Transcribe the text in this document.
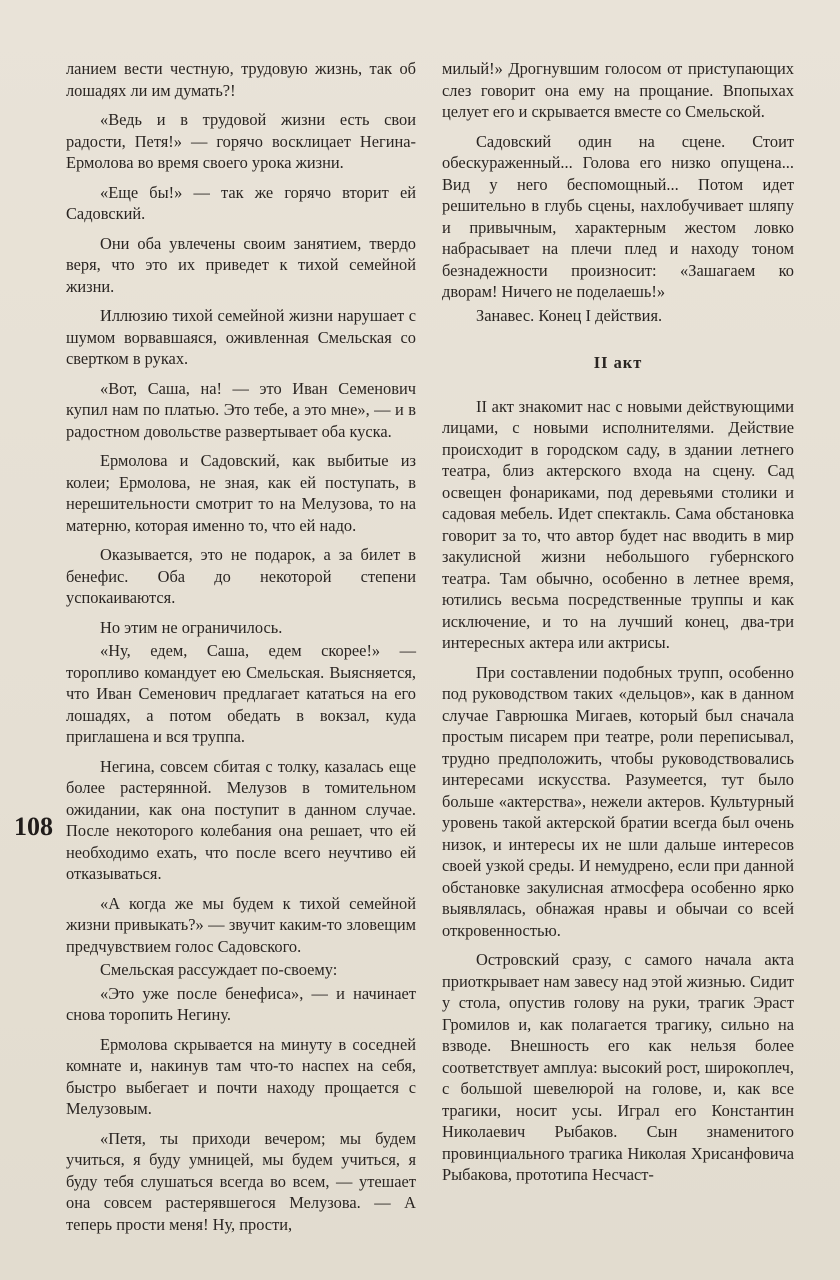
ланием вести честную, трудовую жизнь, так об лошадях ли им думать?!

«Ведь и в трудовой жизни есть свои радости, Петя!» — горячо восклицает Негина-Ермолова во время своего урока жизни.

«Еще бы!» — так же горячо вторит ей Садовский.

Они оба увлечены своим занятием, твердо веря, что это их приведет к тихой семейной жизни.

Иллюзию тихой семейной жизни нарушает с шумом ворвавшаяся, оживленная Смельская со свертком в руках.

«Вот, Саша, на! — это Иван Семенович купил нам по платью. Это тебе, а это мне», — и в радостном довольстве развертывает оба куска.

Ермолова и Садовский, как выбитые из колеи; Ермолова, не зная, как ей поступать, в нерешительности смотрит то на Мелузова, то на матерню, которая именно то, что ей надо.

Оказывается, это не подарок, а за билет в бенефис. Оба до некоторой степени успокаиваются.

Но этим не ограничилось.

«Ну, едем, Саша, едем скорее!» — торопливо командует ею Смельская. Выясняется, что Иван Семенович предлагает кататься на его лошадях, а потом обедать в вокзал, куда приглашена и вся труппа.

Негина, совсем сбитая с толку, казалась еще более растерянной. Мелузов в томительном ожидании, как она поступит в данном случае. После некоторого колебания она решает, что ей необходимо ехать, что после всего неучтиво ей отказываться.

«А когда же мы будем к тихой семейной жизни привыкать?» — звучит каким-то зловещим предчувствием голос Садовского.

Смельская рассуждает по-своему:

«Это уже после бенефиса», — и начинает снова торопить Негину.

Ермолова скрывается на минуту в соседней комнате и, накинув там что-то наспех на себя, быстро выбегает и почти находу прощается с Мелузовым.

«Петя, ты приходи вечером; мы будем учиться, я буду умницей, мы будем учиться, я буду тебя слушаться всегда во всем, — утешает она совсем растерявшегося Мелузова. — А теперь прости меня! Ну, прости,

108

милый!» Дрогнувшим голосом от приступающих слез говорит она ему на прощание. Впопыхах целует его и скрывается вместе со Смельской.

Садовский один на сцене. Стоит обескураженный... Голова его низко опущена... Вид у него беспомощный... Потом идет решительно в глубь сцены, нахлобучивает шляпу и привычным, характерным жестом ловко набрасывает на плечи плед и находу тоном безнадежности произносит: «Зашагаем ко дворам! Ничего не поделаешь!»

Занавес. Конец I действия.

II акт

II акт знакомит нас с новыми действующими лицами, с новыми исполнителями. Действие происходит в городском саду, в здании летнего театра, близ актерского входа на сцену. Сад освещен фонариками, под деревьями столики и садовая мебель. Идет спектакль. Сама обстановка говорит за то, что автор будет нас вводить в мир закулисной жизни небольшого губернского театра. Там обычно, особенно в летнее время, ютились весьма посредственные труппы и как исключение, и то на лучший конец, два-три интересных актера или актрисы.

При составлении подобных трупп, особенно под руководством таких «дельцов», как в данном случае Гаврюшка Мигаев, который был сначала простым писарем при театре, роли переписывал, трудно предположить, чтобы руководствовались интересами искусства. Разумеется, тут было больше «актерства», нежели актеров. Культурный уровень такой актерской братии всегда был очень низок, и интересы их не шли дальше интересов своей узкой среды. И немудрено, если при данной обстановке закулисная атмосфера особенно ярко выявлялась, обнажая нравы и обычаи со всей откровенностью.

Островский сразу, с самого начала акта приоткрывает нам завесу над этой жизнью. Сидит у стола, опустив голову на руки, трагик Эраст Громилов и, как полагается трагику, сильно на взводе. Внешность его как нельзя более соответствует амплуа: высокий рост, широкоплеч, с большой шевелюрой на голове, и, как все трагики, носит усы. Играл его Константин Николаевич Рыбаков. Сын знаменитого провинциального трагика Николая Хрисанфовича Рыбакова, прототипа Несчаст-
